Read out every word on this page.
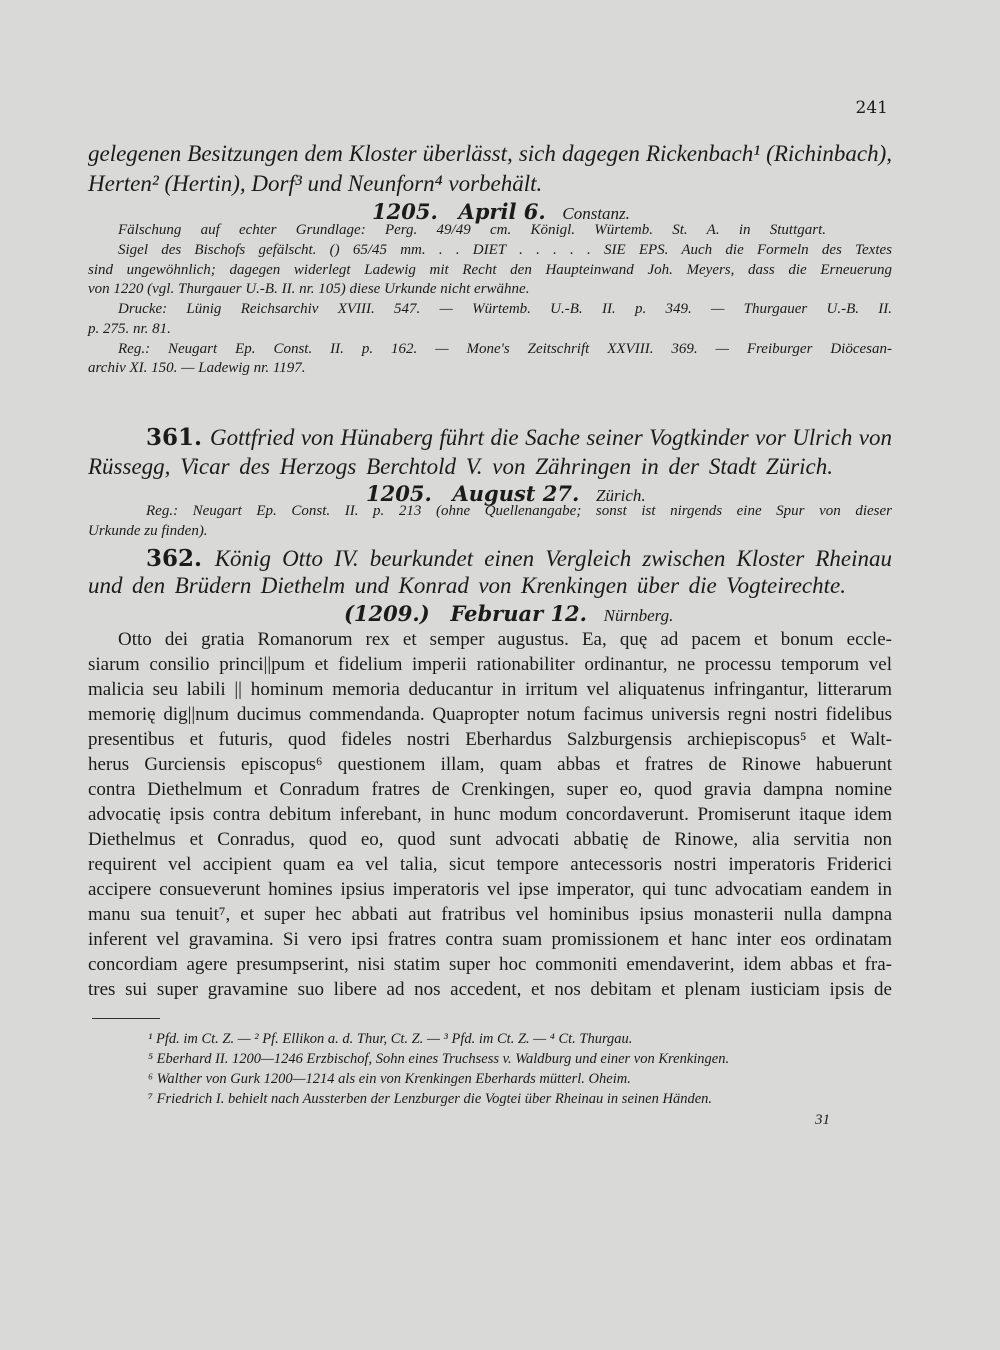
241
gelegenen Besitzungen dem Kloster überlässt, sich dagegen Rickenbach¹ (Richinbach),
Herten² (Hertin), Dorf³ und Neunforn⁴ vorbehält.
1205. April 6. Constanz.
Fälschung auf echter Grundlage: Perg. 49/49 cm. Königl. Würtemb. St. A. in Stuttgart.
Sigel des Bischofs gefälscht. () 65/45 mm. . . DIET . . . . . SIE EPS. Auch die Formeln des Textes
sind ungewöhnlich; dagegen widerlegt Ladewig mit Recht den Haupteinwand Joh. Meyers, dass die Erneuerung
von 1220 (vgl. Thurgauer U.-B. II. nr. 105) diese Urkunde nicht erwähne.
Drucke: Lünig Reichsarchiv XVIII. 547. — Würtemb. U.-B. II. p. 349. — Thurgauer U.-B. II.
p. 275. nr. 81.
Reg.: Neugart Ep. Const. II. p. 162. — Mone's Zeitschrift XXVIII. 369. — Freiburger Diöcesan-
archiv XI. 150. — Ladewig nr. 1197.
361. Gottfried von Hünaberg führt die Sache seiner Vogtkinder vor Ulrich von
Rüssegg, Vicar des Herzogs Berchtold V. von Zähringen in der Stadt Zürich.
1205. August 27. Zürich.
Reg.: Neugart Ep. Const. II. p. 213 (ohne Quellenangabe; sonst ist nirgends eine Spur von dieser
Urkunde zu finden).
362. König Otto IV. beurkundet einen Vergleich zwischen Kloster Rheinau
und den Brüdern Diethelm und Konrad von Krenkingen über die Vogteirechte.
(1209.) Februar 12. Nürnberg.
Otto dei gratia Romanorum rex et semper augustus. Ea, quę ad pacem et bonum eccle-
siarum consilio princi||pum et fidelium imperii rationabiliter ordinantur, ne processu temporum vel
malicia seu labili || hominum memoria deducantur in irritum vel aliquatenus infringantur, litterarum
memorię dig||num ducimus commendanda. Quapropter notum facimus universis regni nostri fidelibus
presentibus et futuris, quod fideles nostri Eberhardus Salzburgensis archiepiscopus⁵ et Walt-
herus Gurciensis episcopus⁶ questionem illam, quam abbas et fratres de Rinowe habuerunt
contra Diethelmum et Conradum fratres de Crenkingen, super eo, quod gravia dampna nomine
advocatię ipsis contra debitum inferebant, in hunc modum concordaverunt. Promiserunt itaque idem
Diethelmus et Conradus, quod eo, quod sunt advocati abbatię de Rinowe, alia servitia non
requirent vel accipient quam ea vel talia, sicut tempore antecessoris nostri imperatoris Friderici
accipere consueverunt homines ipsius imperatoris vel ipse imperator, qui tunc advocatiam eandem in
manu sua tenuit⁷, et super hec abbati aut fratribus vel hominibus ipsius monasterii nulla dampna
inferent vel gravamina. Si vero ipsi fratres contra suam promissionem et hanc inter eos ordinatam
concordiam agere presumpserint, nisi statim super hoc commoniti emendaverint, idem abbas et fra-
tres sui super gravamine suo libere ad nos accedent, et nos debitam et plenam iusticiam ipsis de
¹ Pfd. im Ct. Z. — ² Pf. Ellikon a. d. Thur, Ct. Z. — ³ Pfd. im Ct. Z. — ⁴ Ct. Thurgau.
⁵ Eberhard II. 1200—1246 Erzbischof, Sohn eines Truchsess v. Waldburg und einer von Krenkingen.
⁶ Walther von Gurk 1200—1214 als ein von Krenkingen Eberhards mütterl. Oheim.
⁷ Friedrich I. behielt nach Aussterben der Lenzburger die Vogtei über Rheinau in seinen Händen.
31
